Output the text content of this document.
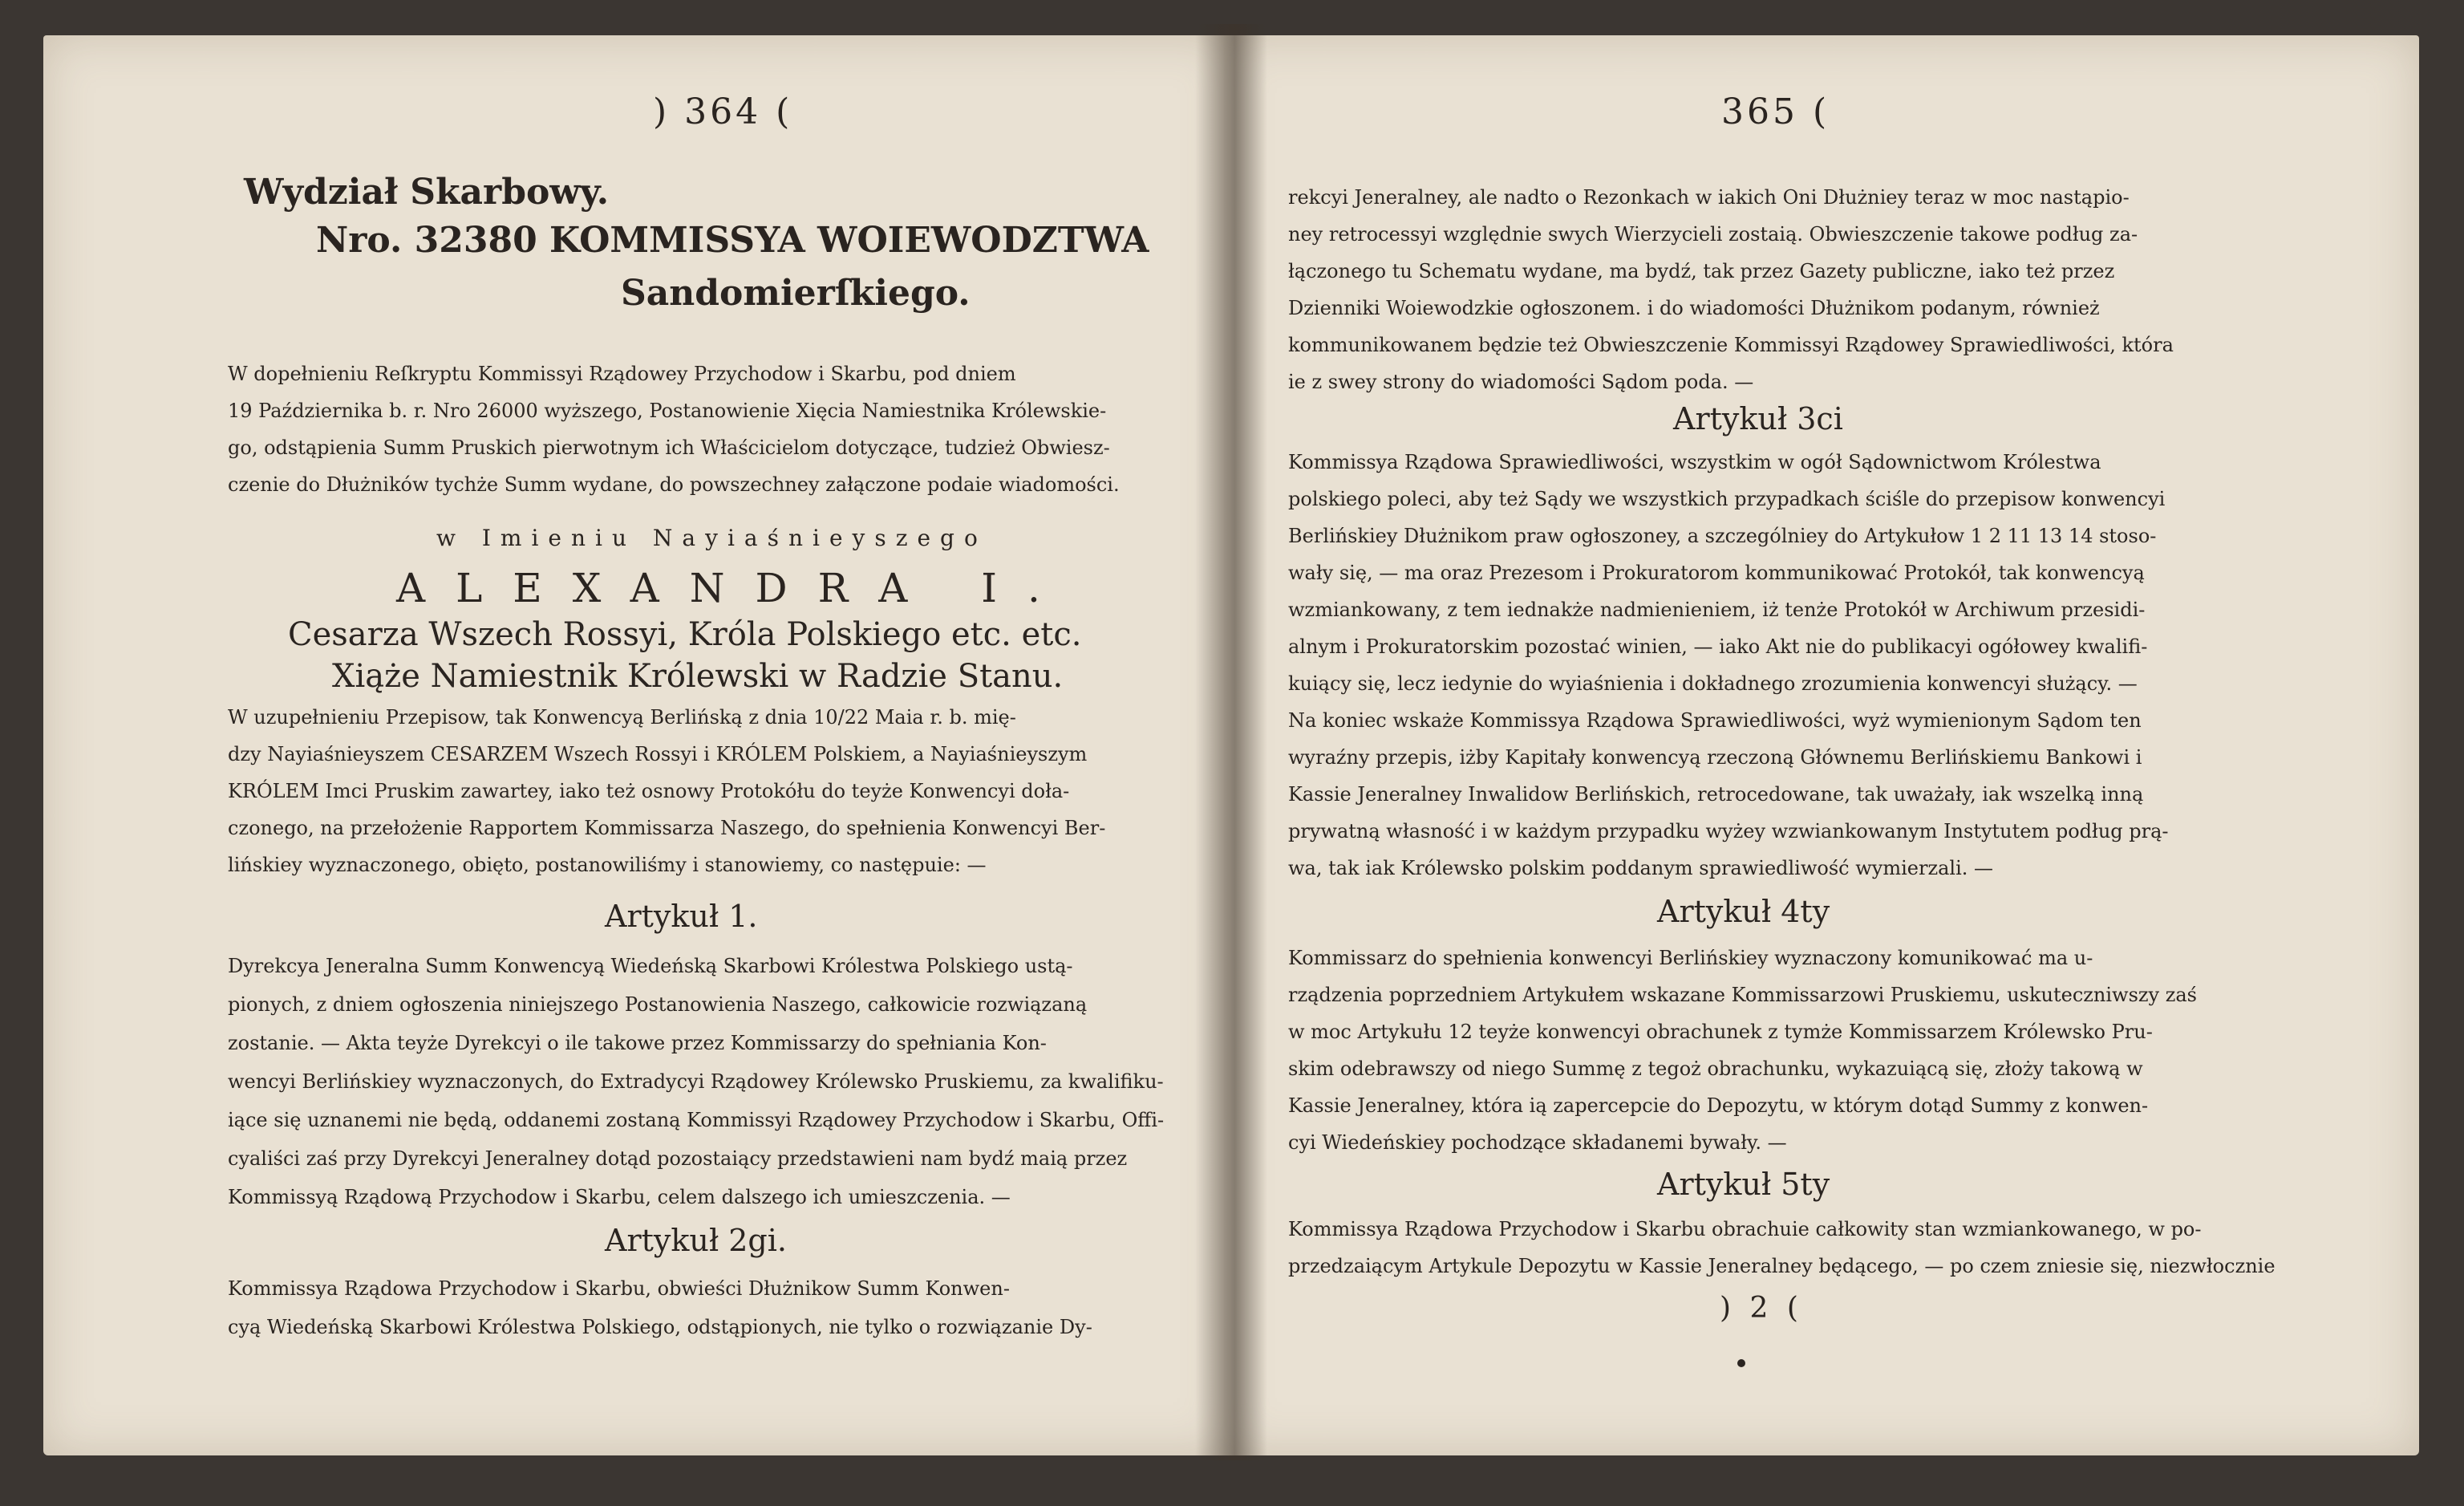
) 364 (
Wydział Skarbowy.
Nro. 32380 KOMMISSYA WOIEWODZTWA
Sandomierſkiego.
W dopełnieniu Reſkryptu Kommissyi Rządowey Przychodow i Skarbu, pod dniem
19 Października b. r. Nro 26000 wyższego, Postanowienie Xięcia Namiestnika Królewskie-
go, odstąpienia Summ Pruskich pierwotnym ich Właścicielom dotyczące, tudzież Obwiesz-
czenie do Dłużników tychże Summ wydane, do powszechney załączone podaie wiadomości.
w Imieniu Nayiaśnieyszego
ALEXANDRA I.
Cesarza Wszech Rossyi, Króla Polskiego etc. etc.
Xiąże Namiestnik Królewski w Radzie Stanu.
W uzupełnieniu Przepisow, tak Konwencyą Berlińską z dnia 10/22 Maia r. b. mię-
dzy Nayiaśnieyszem CESARZEM Wszech Rossyi i KRÓLEM Polskiem, a Nayiaśnieyszym
KRÓLEM Imci Pruskim zawartey, iako też osnowy Protokółu do teyże Konwencyi doła-
czonego, na przełożenie Rapportem Kommissarza Naszego, do spełnienia Konwencyi Ber-
lińskiey wyznaczonego, obięto, postanowiliśmy i stanowiemy, co następuie: —
Artykuł 1.
Dyrekcya Jeneralna Summ Konwencyą Wiedeńską Skarbowi Królestwa Polskiego ustą-
pionych, z dniem ogłoszenia niniejszego Postanowienia Naszego, całkowicie rozwiązaną
zostanie. — Akta teyże Dyrekcyi o ile takowe przez Kommissarzy do spełniania Kon-
wencyi Berlińskiey wyznaczonych, do Extradycyi Rządowey Królewsko Pruskiemu, za kwalifiku-
iące się uznanemi nie będą, oddanemi zostaną Kommissyi Rządowey Przychodow i Skarbu, Offi-
cyaliści zaś przy Dyrekcyi Jeneralney dotąd pozostaiący przedstawieni nam bydź maią przez
Kommissyą Rządową Przychodow i Skarbu, celem dalszego ich umieszczenia. —
Artykuł 2gi.
Kommissya Rządowa Przychodow i Skarbu, obwieści Dłużnikow Summ Konwen-
cyą Wiedeńską Skarbowi Królestwa Polskiego, odstąpionych, nie tylko o rozwiązanie Dy-
365 (
rekcyi Jeneralney, ale nadto o Rezonkach w iakich Oni Dłużniey teraz w moc nastąpio-
ney retrocessyi względnie swych Wierzycieli zostaią. Obwieszczenie takowe podług za-
łączonego tu Schematu wydane, ma bydź, tak przez Gazety publiczne, iako też przez
Dzienniki Woiewodzkie ogłoszonem. i do wiadomości Dłużnikom podanym, również
kommunikowanem będzie też Obwieszczenie Kommissyi Rządowey Sprawiedliwości, która
ie z swey strony do wiadomości Sądom poda. —
Artykuł 3ci
Kommissya Rządowa Sprawiedliwości, wszystkim w ogół Sądownictwom Królestwa
polskiego poleci, aby też Sądy we wszystkich przypadkach ściśle do przepisow konwencyi
Berlińskiey Dłużnikom praw ogłoszoney, a szczególniey do Artykułow 1 2 11 13 14 stoso-
wały się, — ma oraz Prezesom i Prokuratorom kommunikować Protokół, tak konwencyą
wzmiankowany, z tem iednakże nadmienieniem, iż tenże Protokół w Archiwum przesidi-
alnym i Prokuratorskim pozostać winien, — iako Akt nie do publikacyi ogółowey kwalifi-
kuiący się, lecz iedynie do wyiaśnienia i dokładnego zrozumienia konwencyi służący. —
Na koniec wskaże Kommissya Rządowa Sprawiedliwości, wyż wymienionym Sądom ten
wyraźny przepis, iżby Kapitały konwencyą rzeczoną Głównemu Berlińskiemu Bankowi i
Kassie Jeneralney Inwalidow Berlińskich, retrocedowane, tak uważały, iak wszelką inną
prywatną własność i w każdym przypadku wyżey wzwiankowanym Instytutem podług prą-
wa, tak iak Królewsko polskim poddanym sprawiedliwość wymierzali. —
Artykuł 4ty
Kommissarz do spełnienia konwencyi Berlińskiey wyznaczony komunikować ma u-
rządzenia poprzedniem Artykułem wskazane Kommissarzowi Pruskiemu, uskuteczniwszy zaś
w moc Artykułu 12 teyże konwencyi obrachunek z tymże Kommissarzem Królewsko Pru-
skim odebrawszy od niego Summę z tegoż obrachunku, wykazuiącą się, złoży takową w
Kassie Jeneralney, która ią zapercepcie do Depozytu, w którym dotąd Summy z konwen-
cyi Wiedeńskiey pochodzące składanemi bywały. —
Artykuł 5ty
Kommissya Rządowa Przychodow i Skarbu obrachuie całkowity stan wzmiankowanego, w po-
przedzaiącym Artykule Depozytu w Kassie Jeneralney będącego, — po czem zniesie się, niezwłocznie
) 2 (
